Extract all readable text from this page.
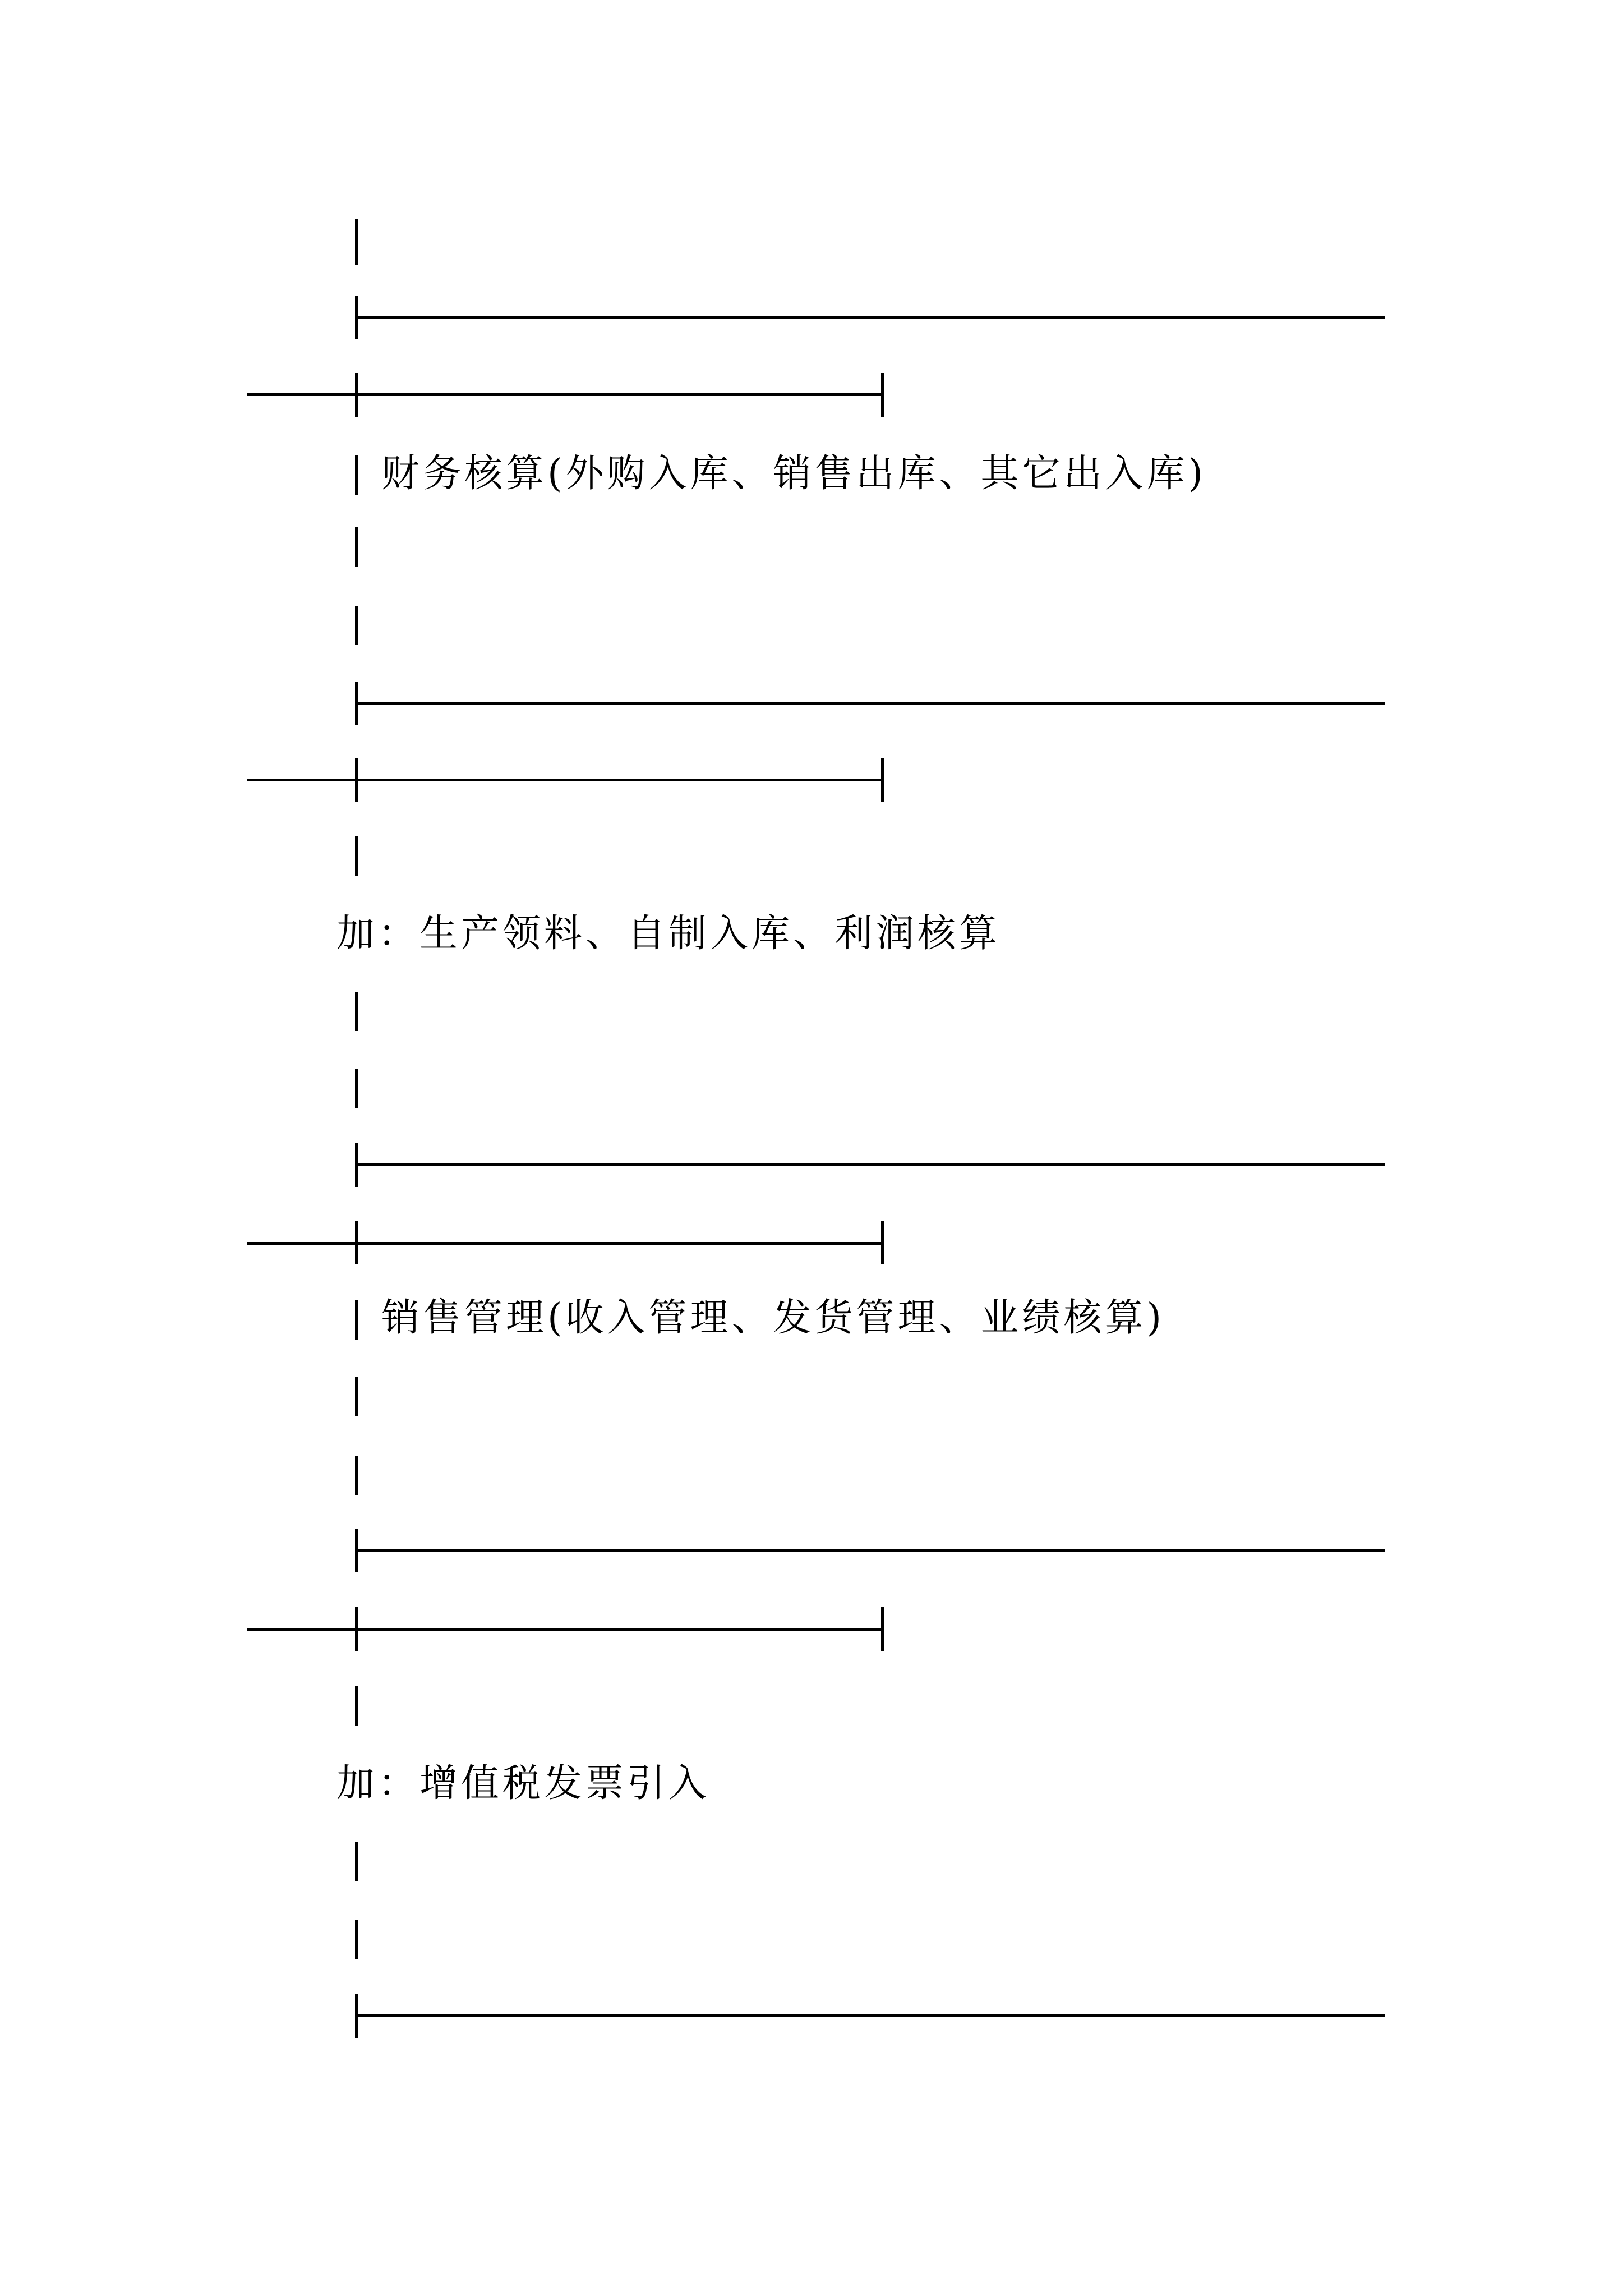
财务核算(外购入库、销售出库、其它出入库)
加：生产领料、自制入库、利润核算
销售管理(收入管理、发货管理、业绩核算)
加：增值税发票引入
